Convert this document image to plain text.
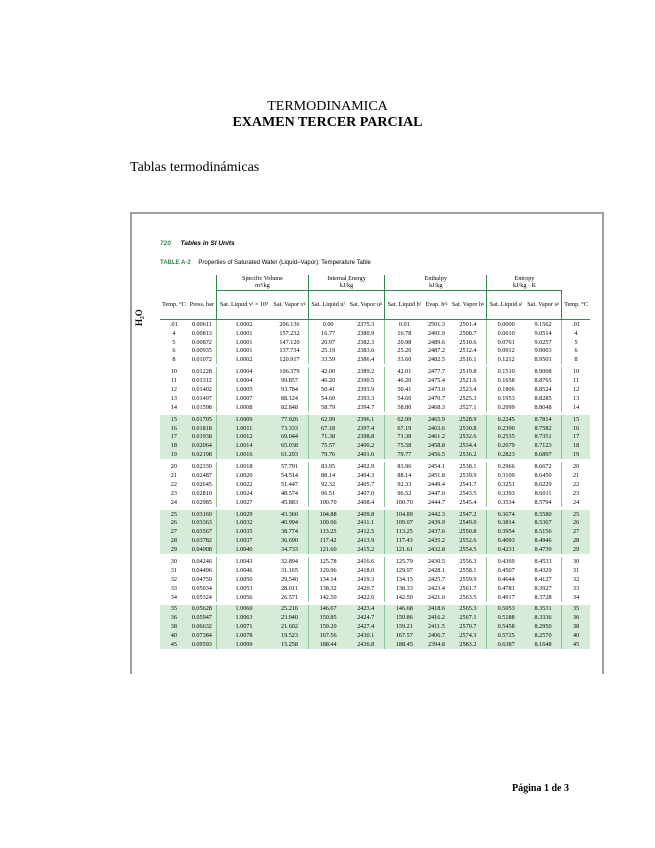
TERMODINAMICA
EXAMEN TERCER PARCIAL
Tablas termodinámicas
720 Tables in SI Units
TABLE A-2 Properties of Saturated Water (Liquid–Vapor): Temperature Table
H₂O
		Specific Volume
m³/kg		Internal Energy
kJ/kg		Enthalpy
kJ/kg			Entropy
kJ/kg · K		
Temp. °C	Press. bar	Sat. Liquid vᶠ × 10³	Sat. Vapor vᵍ	Sat. Liquid uᶠ	Sat. Vapor uᵍ	Sat. Liquid hᶠ	Evap. hᶠᵍ	Sat. Vapor hᵍ	Sat. Liquid sᶠ	Sat. Vapor sᵍ	Temp. °C
.01	0.00611	1.0002	206.136	0.00	2375.3	0.01	2501.3	2501.4	0.0000	9.1562	.01
4	0.00813	1.0001	157.232	16.77	2380.9	16.78	2491.9	2508.7	0.0610	9.0514	4
5	0.00872	1.0001	147.120	20.97	2382.3	20.98	2489.6	2510.6	0.0761	9.0257	5
6	0.00935	1.0001	137.734	25.19	2383.6	25.20	2487.2	2512.4	0.0912	9.0003	6
8	0.01072	1.0002	120.917	33.59	2386.4	33.60	2482.5	2516.1	0.1212	8.9501	8

10	0.01228	1.0004	106.379	42.00	2389.2	42.01	2477.7	2519.8	0.1510	8.9008	10
11	0.01312	1.0004	99.857	46.20	2390.5	46.20	2475.4	2521.6	0.1658	8.8765	11
12	0.01402	1.0005	93.784	50.41	2391.9	50.41	2473.0	2523.4	0.1806	8.8524	12
13	0.01497	1.0007	88.124	54.60	2393.3	54.60	2470.7	2525.3	0.1953	8.8285	13
14	0.01598	1.0008	82.848	58.79	2394.7	58.80	2468.3	2527.1	0.2099	8.8048	14

15	0.01705	1.0009	77.926	62.99	2396.1	62.99	2465.9	2528.9	0.2245	8.7814	15
16	0.01818	1.0011	73.333	67.18	2397.4	67.19	2463.6	2530.8	0.2390	8.7582	16
17	0.01938	1.0012	69.044	71.38	2398.8	71.38	2461.2	2532.6	0.2535	8.7351	17
18	0.02064	1.0014	65.038	75.57	2400.2	75.58	2458.8	2534.4	0.2679	8.7123	18
19	0.02198	1.0016	61.293	79.76	2401.6	79.77	2456.5	2536.2	0.2823	8.6897	19

20	0.02339	1.0018	57.791	83.95	2402.9	83.96	2454.1	2538.1	0.2966	8.6672	20
21	0.02487	1.0020	54.514	88.14	2404.3	88.14	2451.8	2539.9	0.3109	8.6450	21
22	0.02645	1.0022	51.447	92.32	2405.7	92.33	2449.4	2541.7	0.3251	8.6229	22
23	0.02810	1.0024	48.574	96.51	2407.0	96.52	2447.0	2543.5	0.3393	8.6011	23
24	0.02985	1.0027	45.883	100.70	2408.4	100.70	2444.7	2545.4	0.3534	8.5794	24

25	0.03169	1.0029	43.360	104.88	2409.8	104.89	2442.3	2547.2	0.3674	8.5580	25
26	0.03363	1.0032	40.994	109.06	2411.1	109.07	2439.9	2549.0	0.3814	8.5367	26
27	0.03567	1.0035	38.774	113.25	2412.5	113.25	2437.6	2550.8	0.3954	8.5156	27
28	0.03782	1.0037	36.690	117.42	2413.9	117.43	2435.2	2552.6	0.4093	8.4946	28
29	0.04008	1.0040	34.733	121.60	2415.2	121.61	2432.8	2554.5	0.4231	8.4739	29

30	0.04246	1.0043	32.894	125.78	2416.6	125.79	2430.5	2556.3	0.4369	8.4533	30
31	0.04496	1.0046	31.165	129.96	2418.0	129.97	2428.1	2558.1	0.4507	8.4329	31
32	0.04759	1.0050	29.540	134.14	2419.3	134.15	2425.7	2559.9	0.4644	8.4127	32
33	0.05034	1.0053	28.011	138.32	2420.7	138.33	2423.4	2561.7	0.4781	8.3927	33
34	0.05324	1.0056	26.571	142.50	2422.0	142.50	2421.0	2563.5	0.4917	8.3728	34

35	0.05628	1.0060	25.216	146.67	2423.4	146.68	2418.6	2565.3	0.5053	8.3531	35
36	0.05947	1.0063	23.940	150.85	2424.7	150.86	2416.2	2567.1	0.5188	8.3336	36
38	0.06632	1.0071	21.602	159.20	2427.4	159.21	2411.5	2570.7	0.5458	8.2950	38
40	0.07384	1.0078	19.523	167.56	2430.1	167.57	2406.7	2574.3	0.5725	8.2570	40
45	0.09593	1.0099	15.258	188.44	2436.8	188.45	2394.8	2583.2	0.6387	8.1648	45
Página 1 de 3
